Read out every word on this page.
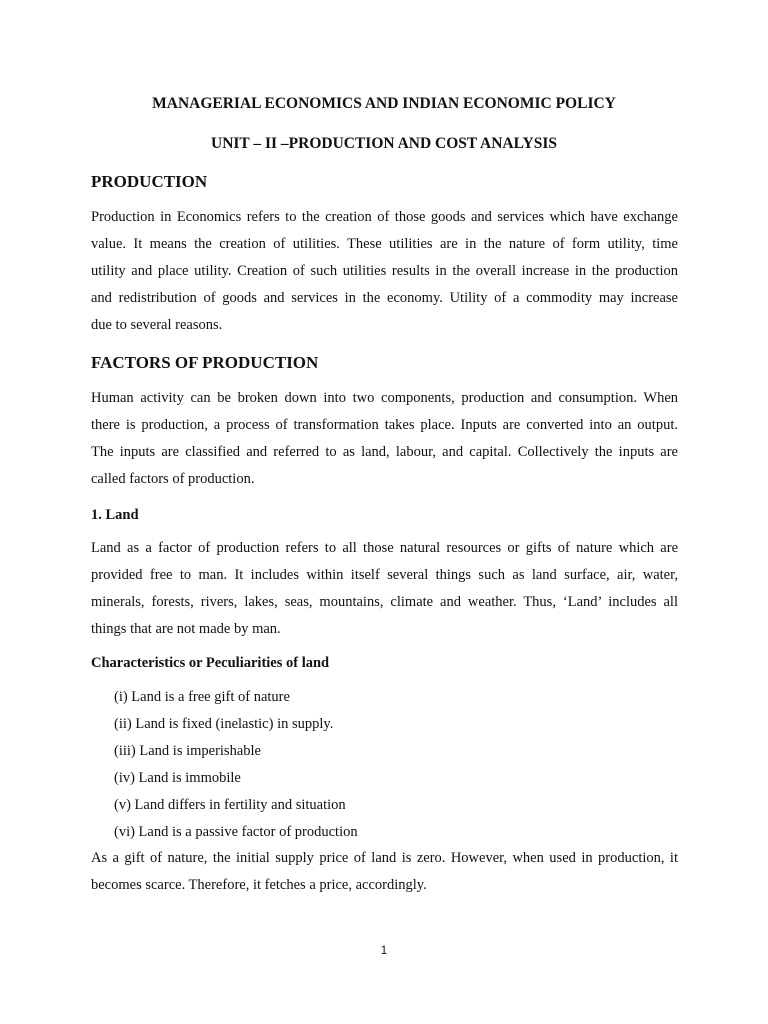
MANAGERIAL ECONOMICS AND INDIAN ECONOMIC POLICY
UNIT – II –PRODUCTION AND COST ANALYSIS
PRODUCTION
Production in Economics refers to the creation of those goods and services which have exchange
value. It means the creation of utilities. These utilities are in the nature of form utility, time
utility and place utility. Creation of such utilities results in the overall increase in the production
and redistribution of goods and services in the economy. Utility of a commodity may increase
due to several reasons.
FACTORS OF PRODUCTION
Human activity can be broken down into two components, production and consumption. When
there is production, a process of transformation takes place. Inputs are converted into an output.
The inputs are classified and referred to as land, labour, and capital. Collectively the inputs are
called factors of production.
1. Land
Land as a factor of production refers to all those natural resources or gifts of nature which are
provided free to man. It includes within itself several things such as land surface, air, water,
minerals, forests, rivers, lakes, seas, mountains, climate and weather. Thus, ‘Land’ includes all
things that are not made by man.
Characteristics or Peculiarities of land
(i) Land is a free gift of nature
(ii) Land is fixed (inelastic) in supply.
(iii) Land is imperishable
(iv) Land is immobile
(v) Land differs in fertility and situation
(vi) Land is a passive factor of production
As a gift of nature, the initial supply price of land is zero. However, when used in production, it
becomes scarce. Therefore, it fetches a price, accordingly.
1
